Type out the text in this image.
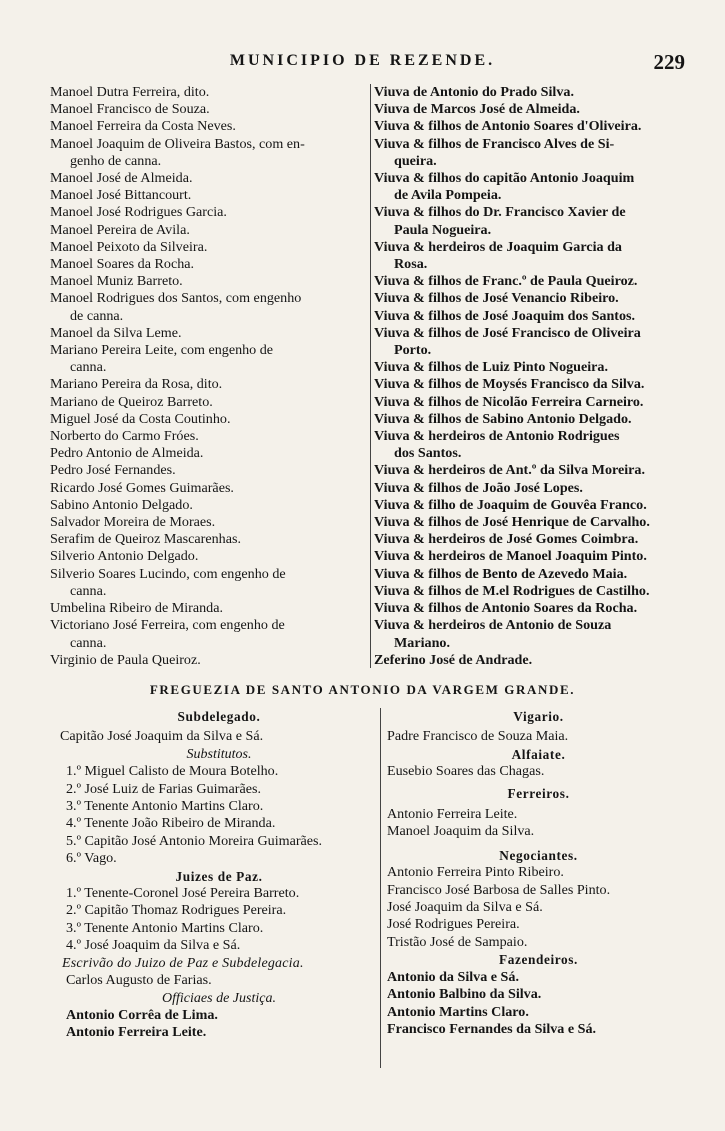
MUNICIPIO DE REZENDE.	229
Manoel Dutra Ferreira, dito.
Manoel Francisco de Souza.
Manoel Ferreira da Costa Neves.
Manoel Joaquim de Oliveira Bastos, com en-
genho de canna.
Manoel José de Almeida.
Manoel José Bittancourt.
Manoel José Rodrigues Garcia.
Manoel Pereira de Avila.
Manoel Peixoto da Silveira.
Manoel Soares da Rocha.
Manoel Muniz Barreto.
Manoel Rodrigues dos Santos, com engenho
de canna.
Manoel da Silva Leme.
Mariano Pereira Leite, com engenho de
canna.
Mariano Pereira da Rosa, dito.
Mariano de Queiroz Barreto.
Miguel José da Costa Coutinho.
Norberto do Carmo Fróes.
Pedro Antonio de Almeida.
Pedro José Fernandes.
Ricardo José Gomes Guimarães.
Sabino Antonio Delgado.
Salvador Moreira de Moraes.
Serafim de Queiroz Mascarenhas.
Silverio Antonio Delgado.
Silverio Soares Lucindo, com engenho de
canna.
Umbelina Ribeiro de Miranda.
Victoriano José Ferreira, com engenho de
canna.
Virginio de Paula Queiroz.
Viuva de Antonio do Prado Silva.
Viuva de Marcos José de Almeida.
Viuva & filhos de Antonio Soares d'Oliveira.
Viuva & filhos de Francisco Alves de Si-
queira.
Viuva & filhos do capitão Antonio Joaquim
de Avila Pompeia.
Viuva & filhos do Dr. Francisco Xavier de
Paula Nogueira.
Viuva & herdeiros de Joaquim Garcia da
Rosa.
Viuva & filhos de Franc.º de Paula Queiroz.
Viuva & filhos de José Venancio Ribeiro.
Viuva & filhos de José Joaquim dos Santos.
Viuva & filhos de José Francisco de Oliveira
Porto.
Viuva & filhos de Luiz Pinto Nogueira.
Viuva & filhos de Moysés Francisco da Silva.
Viuva & filhos de Nicolão Ferreira Carneiro.
Viuva & filhos de Sabino Antonio Delgado.
Viuva & herdeiros de Antonio Rodrigues
dos Santos.
Viuva & herdeiros de Ant.º da Silva Moreira.
Viuva & filhos de João José Lopes.
Viuva & filho de Joaquim de Gouvêa Franco.
Viuva & filhos de José Henrique de Carvalho.
Viuva & herdeiros de José Gomes Coimbra.
Viuva & herdeiros de Manoel Joaquim Pinto.
Viuva & filhos de Bento de Azevedo Maia.
Viuva & filhos de M.el Rodrigues de Castilho.
Viuva & filhos de Antonio Soares da Rocha.
Viuva & herdeiros de Antonio de Souza
Mariano.
Zeferino José de Andrade.
FREGUEZIA DE SANTO ANTONIO DA VARGEM GRANDE.
Subdelegado.
Capitão José Joaquim da Silva e Sá.
Substitutos.
1.º Miguel Calisto de Moura Botelho.
2.º José Luiz de Farias Guimarães.
3.º Tenente Antonio Martins Claro.
4.º Tenente João Ribeiro de Miranda.
5.º Capitão José Antonio Moreira Guimarães.
6.º Vago.
Juizes de Paz.
1.º Tenente-Coronel José Pereira Barreto.
2.º Capitão Thomaz Rodrigues Pereira.
3.º Tenente Antonio Martins Claro.
4.º José Joaquim da Silva e Sá.
Escrivão do Juizo de Paz e Subdelegacia.
Carlos Augusto de Farias.
Officiaes de Justiça.
Antonio Corrêa de Lima.
Antonio Ferreira Leite.
Vigario.
Padre Francisco de Souza Maia.
Alfaiate.
Eusebio Soares das Chagas.
Ferreiros.
Antonio Ferreira Leite.
Manoel Joaquim da Silva.
Negociantes.
Antonio Ferreira Pinto Ribeiro.
Francisco José Barbosa de Salles Pinto.
José Joaquim da Silva e Sá.
José Rodrigues Pereira.
Tristão José de Sampaio.
Fazendeiros.
Antonio da Silva e Sá.
Antonio Balbino da Silva.
Antonio Martins Claro.
Francisco Fernandes da Silva e Sá.
